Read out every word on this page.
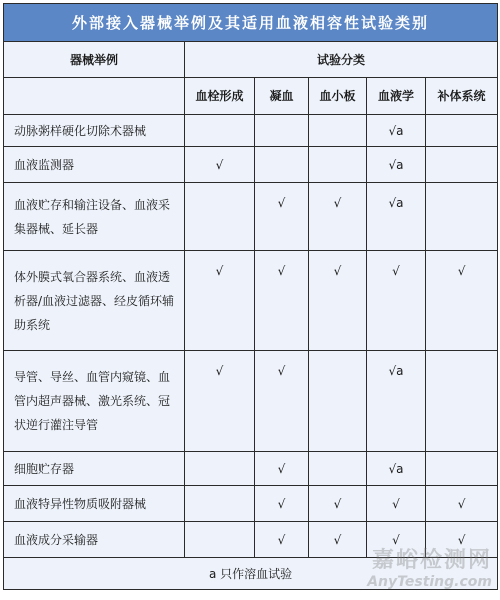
外部接入器械举例及其适用血液相容性试验类别					
器械举例	试验分类				
	血栓形成	凝血	血小板	血液学	补体系统
动脉粥样硬化切除术器械				√a	
血液监测器	√			√a	
血液贮存和输注设备、血液采集器械、延长器		√	√	√a	
体外膜式氧合器系统、血液透析器/血液过滤器、经皮循环辅助系统	√	√	√	√	√
导管、导丝、血管内窥镜、血管内超声器械、激光系统、冠状逆行灌注导管	√	√		√a	
细胞贮存器		√		√a	
血液特异性物质吸附器械		√	√	√	√
血液成分采输器		√	√	√	√
a 只作溶血试验					
嘉峪检测网
AnyTesting.com
